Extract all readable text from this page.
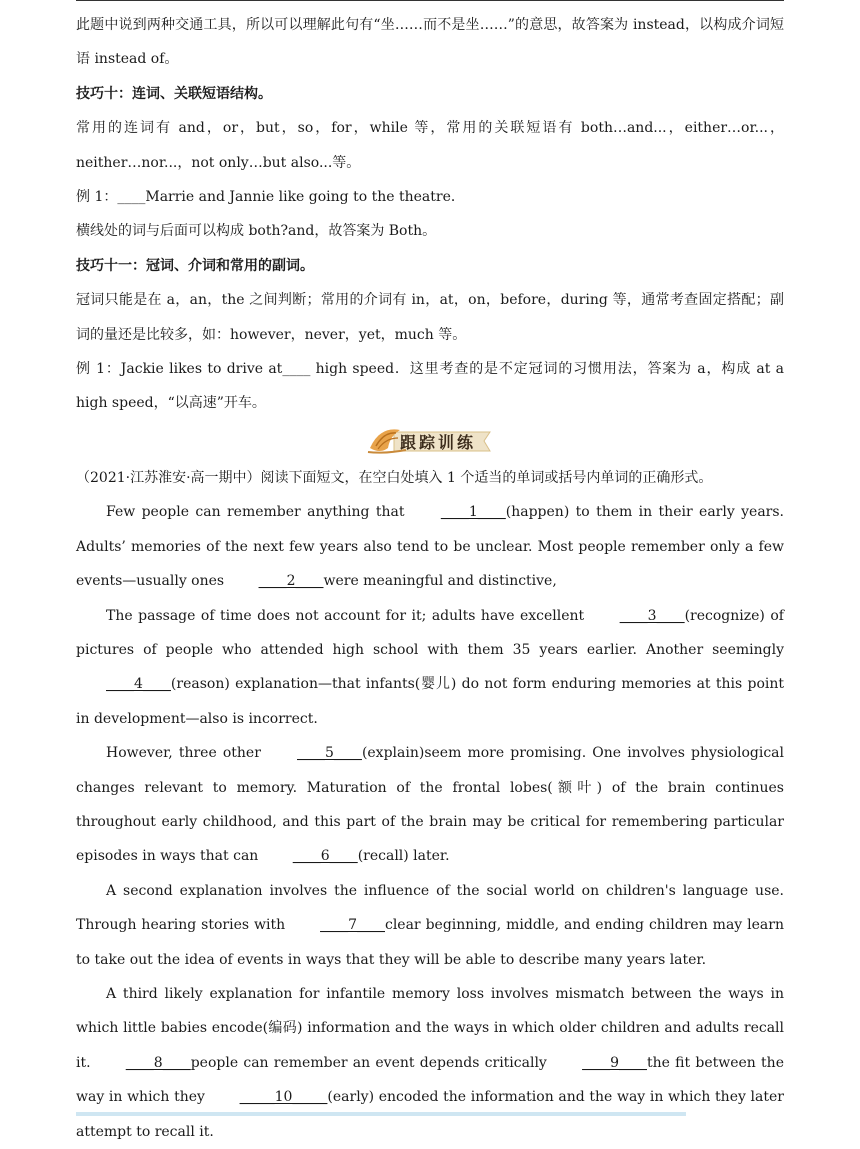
此题中说到两种交通工具，所以可以理解此句有“坐……而不是坐……”的意思，故答案为 instead，以构成介词短语 instead of。

技巧十：连词、关联短语结构。

常用的连词有 and，or，but，so，for，while 等，常用的关联短语有 both…and...，either…or...，neither…nor...，not only…but also...等。

例 1：____Marrie and Jannie like going to the theatre．

横线处的词与后面可以构成 both?and，故答案为 Both。

技巧十一：冠词、介词和常用的副词。

冠词只能是在 a，an，the 之间判断；常用的介词有 in，at，on，before，during 等，通常考查固定搭配；副词的量还是比较多，如：however，never，yet，much 等。

例 1：Jackie likes to drive at____ high speed．这里考查的是不定冠词的习惯用法，答案为 a，构成 at a high speed，“以高速”开车。

跟踪训练

（2021·江苏淮安·高一期中）阅读下面短文，在空白处填入 1 个适当的单词或括号内单词的正确形式。

Few people can remember anything that ____1____(happen) to them in their early years. Adults’ memories of the next few years also tend to be unclear. Most people remember only a few events—usually ones ____2____were meaningful and distinctive,

The passage of time does not account for it; adults have excellent ____3____(recognize) of pictures of people who attended high school with them 35 years earlier. Another seemingly ____4____(reason) explanation—that infants(婴儿) do not form enduring memories at this point in development—also is incorrect.

However, three other ____5____(explain)seem more promising. One involves physiological changes relevant to memory. Maturation of the frontal lobes(额叶) of the brain continues throughout early childhood, and this part of the brain may be critical for remembering particular episodes in ways that can ____6____(recall) later.

A second explanation involves the influence of the social world on children's language use. Through hearing stories with ____7____clear beginning, middle, and ending children may learn to take out the idea of events in ways that they will be able to describe many years later.

A third likely explanation for infantile memory loss involves mismatch between the ways in which little babies encode(编码) information and the ways in which older children and adults recall it. ____8____people can remember an event depends critically ____9____the fit between the way in which they _____10_____(early) encoded the information and the way in which they later attempt to recall it.
